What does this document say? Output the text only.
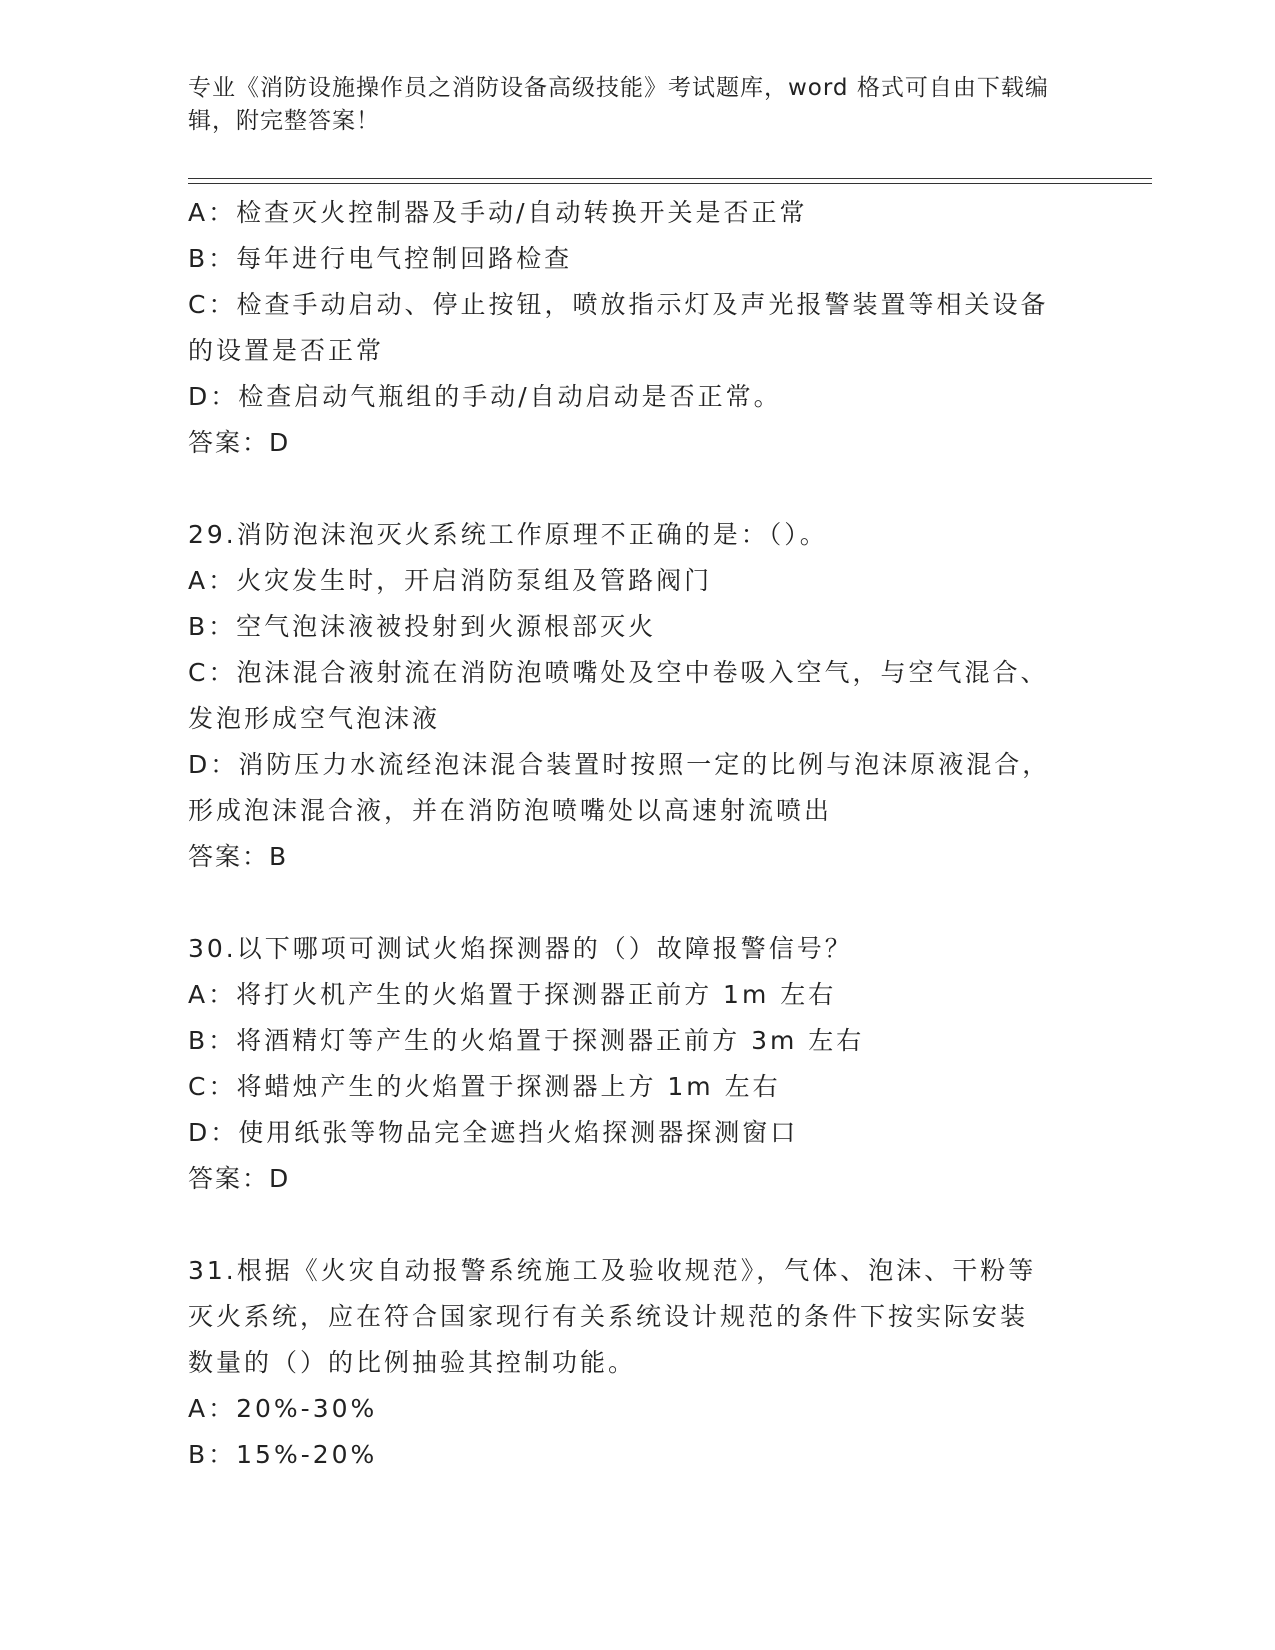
专业《消防设施操作员之消防设备高级技能》考试题库，word 格式可自由下载编
辑，附完整答案！
A：检查灭火控制器及手动/自动转换开关是否正常
B：每年进行电气控制回路检查
C：检查手动启动、停止按钮，喷放指示灯及声光报警装置等相关设备
的设置是否正常
D：检查启动气瓶组的手动/自动启动是否正常。
答案：D
29.消防泡沫泡灭火系统工作原理不正确的是：（）。
A：火灾发生时，开启消防泵组及管路阀门
B：空气泡沫液被投射到火源根部灭火
C：泡沫混合液射流在消防泡喷嘴处及空中卷吸入空气，与空气混合、
发泡形成空气泡沫液
D：消防压力水流经泡沫混合装置时按照一定的比例与泡沫原液混合，
形成泡沫混合液，并在消防泡喷嘴处以高速射流喷出
答案：B
30.以下哪项可测试火焰探测器的（）故障报警信号？
A：将打火机产生的火焰置于探测器正前方 1m 左右
B：将酒精灯等产生的火焰置于探测器正前方 3m 左右
C：将蜡烛产生的火焰置于探测器上方 1m 左右
D：使用纸张等物品完全遮挡火焰探测器探测窗口
答案：D
31.根据《火灾自动报警系统施工及验收规范》，气体、泡沫、干粉等
灭火系统，应在符合国家现行有关系统设计规范的条件下按实际安装
数量的（）的比例抽验其控制功能。
A：20%-30%
B：15%-20%
